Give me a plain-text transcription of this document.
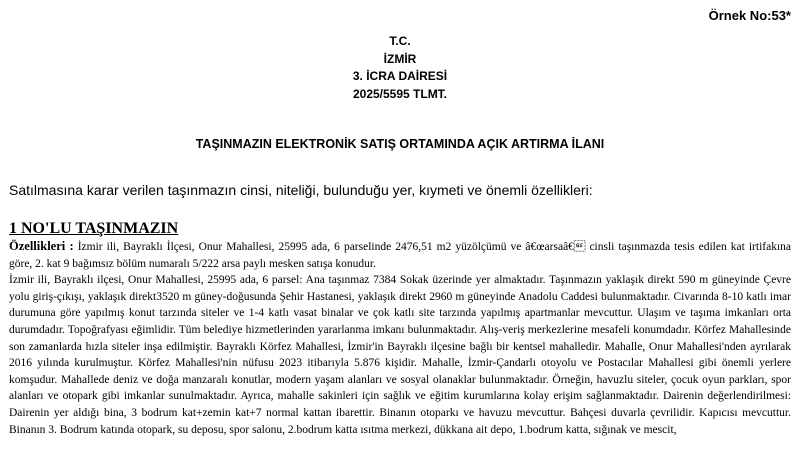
Örnek No:53*
T.C.
İZMİR
3. İCRA DAİRESİ
2025/5595 TLMT.
TAŞINMAZIN ELEKTRONİK SATIŞ ORTAMINDA AÇIK ARTIRMA İLANI
Satılmasına karar verilen taşınmazın cinsi, niteliği, bulunduğu yer, kıymeti ve önemli özellikleri:
1 NO'LU TAŞINMAZIN

Özellikleri : İzmir ili, Bayraklı İlçesi, Onur Mahallesi, 25995 ada, 6 parselinde 2476,51 m2 yüzölçümü ve â€œarsaâ€ cinsli taşınmazda tesis edilen kat irtifakına göre, 2. kat 9 bağımsız bölüm numaralı 5/222 arsa paylı mesken satışa konudur.

İzmir ili, Bayraklı ilçesi, Onur Mahallesi, 25995 ada, 6 parsel: Ana taşınmaz 7384 Sokak üzerinde yer almaktadır. Taşınmazın yaklaşık direkt 590 m güneyinde Çevre yolu giriş-çıkışı, yaklaşık direkt3520 m güney-doğusunda Şehir Hastanesi, yaklaşık direkt 2960 m güneyinde Anadolu Caddesi bulunmaktadır. Civarında 8-10 katlı imar durumuna göre yapılmış konut tarzında siteler ve 1-4 katlı vasat binalar ve çok katlı site tarzında yapılmış apartmanlar mevcuttur. Ulaşım ve taşıma imkanları orta durumdadır. Topoğrafyası eğimlidir. Tüm belediye hizmetlerinden yararlanma imkanı bulunmaktadır. Alış-veriş merkezlerine mesafeli konumdadır. Körfez Mahallesinde son zamanlarda hızla siteler inşa edilmiştir. Bayraklı Körfez Mahallesi, İzmir'in Bayraklı ilçesine bağlı bir kentsel mahalledir. Mahalle, Onur Mahallesi'nden ayrılarak 2016 yılında kurulmuştur. Körfez Mahallesi'nin nüfusu 2023 itibarıyla 5.876 kişidir. Mahalle, İzmir-Çandarlı otoyolu ve Postacılar Mahallesi gibi önemli yerlere komşudur. Mahallede deniz ve doğa manzaralı konutlar, modern yaşam alanları ve sosyal olanaklar bulunmaktadır. Örneğin, havuzlu siteler, çocuk oyun parkları, spor alanları ve otopark gibi imkanlar sunulmaktadır. Ayrıca, mahalle sakinleri için sağlık ve eğitim kurumlarına kolay erişim sağlanmaktadır. Dairenin değerlendirilmesi: Dairenin yer aldığı bina, 3 bodrum kat+zemin kat+7 normal kattan ibarettir. Binanın otoparkı ve havuzu mevcuttur. Bahçesi duvarla çevrilidir. Kapıcısı mevcuttur. Binanın 3. Bodrum katında otopark, su deposu, spor salonu, 2.bodrum katta ısıtma merkezi, dükkana ait depo, 1.bodrum katta, sığınak ve mescit,
